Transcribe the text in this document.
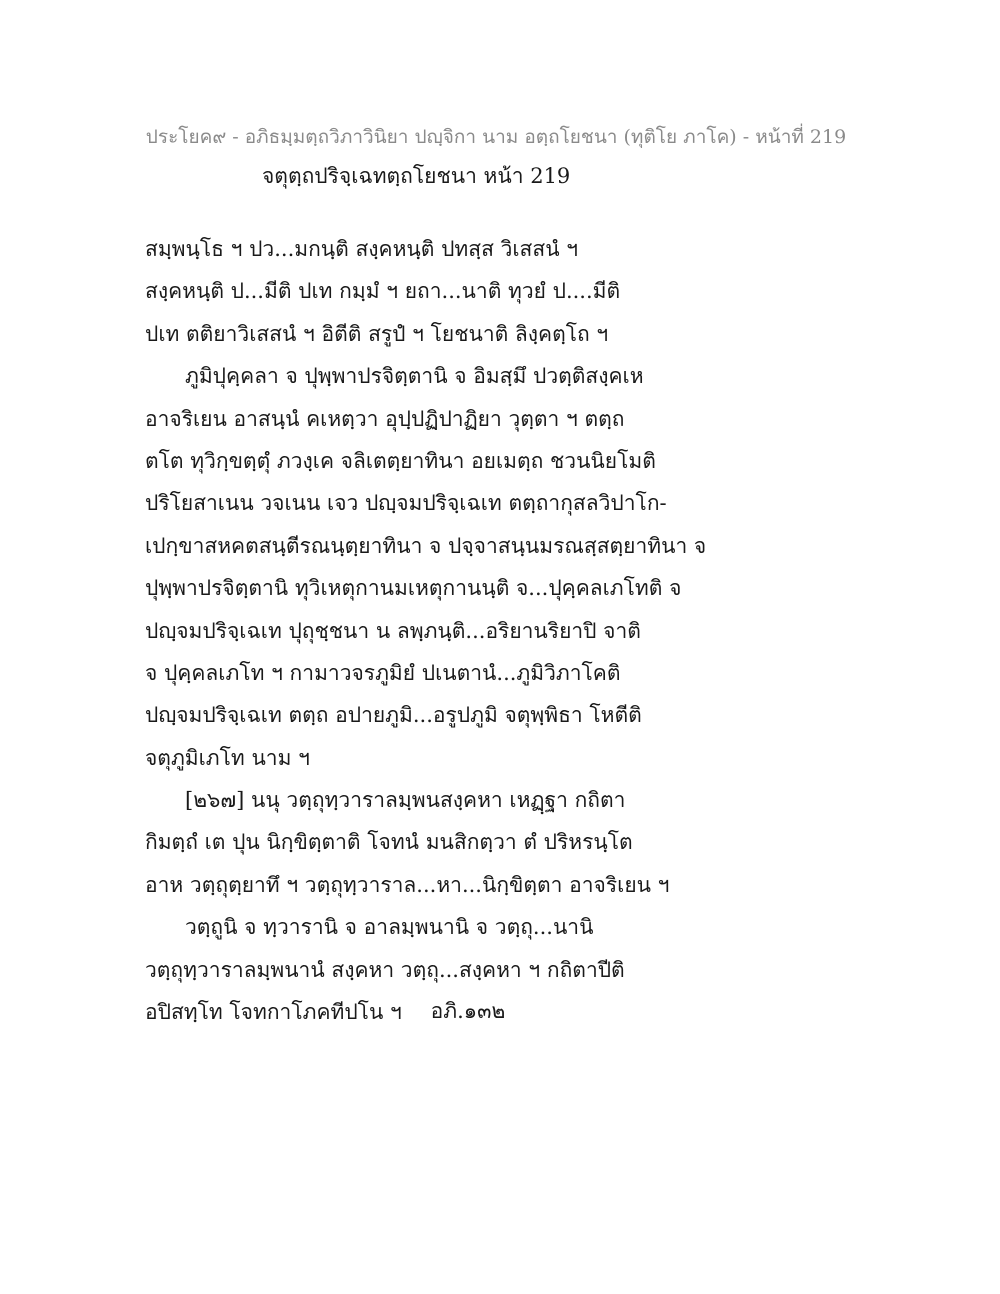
ประโยค๙ - อภิธมฺมตฺถวิภาวินิยา ปญฺจิกา นาม อตฺถโยชนา (ทุติโย ภาโค) - หน้าที่ 219
จตุตฺถปริจฺเฉทตฺถโยชนา หน้า 219
สมฺพนฺโธ ฯ ปว...มกนฺติ สงฺคหนฺติ ปทสฺส วิเสสนํ ฯ
สงฺคหนฺติ ป...มีติ ปเท กมฺมํ ฯ ยถา...นาติ ทุวยํ ป....มีติ
ปเท ตติยาวิเสสนํ ฯ อิตีติ สรูปํ ฯ โยชนาติ ลิงฺคตฺโถ ฯ
ภูมิปุคฺคลา จ ปุพฺพาปรจิตฺตานิ จ อิมสฺมึ ปวตฺติสงฺคเห
อาจริเยน อาสนฺนํ คเหตฺวา อุปฺปฏิปาฏิยา วุตฺตา ฯ ตตฺถ
ตโต ทุวิกฺขตฺตุํ ภวงฺเค จลิเตตฺยาทินา อยเมตฺถ ชวนนิยโมติ
ปริโยสาเนน วจเนน เจว ปญฺจมปริจฺเฉเท ตตฺถากุสลวิปาโก-
เปกฺขาสหคตสนฺตีรณนฺตฺยาทินา จ ปจฺจาสนฺนมรณสฺสตฺยาทินา จ
ปุพฺพาปรจิตฺตานิ ทุวิเหตุกานมเหตุกานนฺติ จ...ปุคฺคลเภโทติ จ
ปญฺจมปริจฺเฉเท ปุถุชฺชนา น ลพฺภนฺติ...อริยานริยาปิ จาติ
จ ปุคฺคลเภโท ฯ กามาวจรภูมิยํ ปเนตานํ...ภูมิวิภาโคติ
ปญฺจมปริจฺเฉเท ตตฺถ อปายภูมิ...อรูปภูมิ จตุพฺพิธา โหตีติ
จตุภูมิเภโท นาม ฯ
[๒๖๗] นนุ วตฺถุทฺวาราลมฺพนสงฺคหา เหฏฺฐา กถิตา
กิมตฺถํ เต ปุน นิกฺขิตฺตาติ โจทนํ มนสิกตฺวา ตํ ปริหรนฺโต
อาห วตฺถุตฺยาทึ ฯ วตฺถุทฺวาราล...หา...นิกฺขิตฺตา อาจริเยน ฯ
วตฺถูนิ จ ทฺวารานิ จ อาลมฺพนานิ จ วตฺถุ...นานิ
วตฺถุทฺวาราลมฺพนานํ สงฺคหา วตฺถุ...สงฺคหา ฯ กถิตาปีติ
อปิสทฺโท โจทกาโภคทีปโน ฯ	อภิ.๑๓๒
